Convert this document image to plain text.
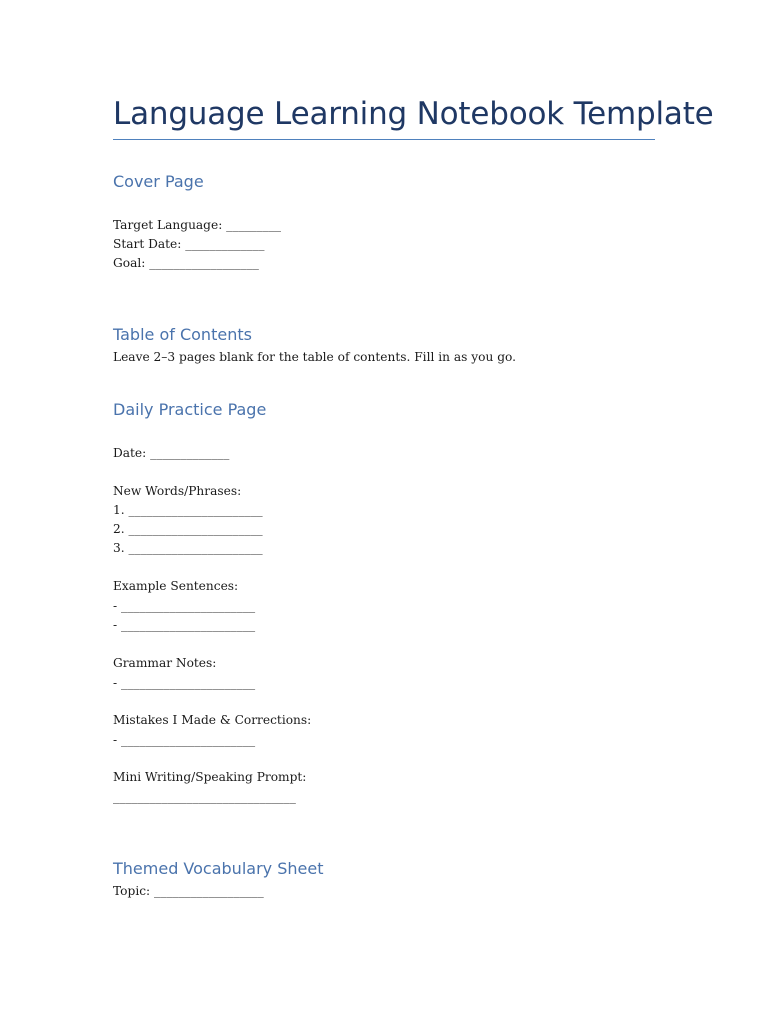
Language Learning Notebook Template
Cover Page

Target Language: _________

Start Date: _____________

Goal: __________________

Table of Contents

Leave 2–3 pages blank for the table of contents. Fill in as you go.

Daily Practice Page

Date: _____________

New Words/Phrases:

1. ______________________

2. ______________________

3. ______________________

Example Sentences:

- ______________________

- ______________________

Grammar Notes:

- ______________________

Mistakes I Made & Corrections:

- ______________________

Mini Writing/Speaking Prompt:

______________________________

Themed Vocabulary Sheet

Topic: __________________
